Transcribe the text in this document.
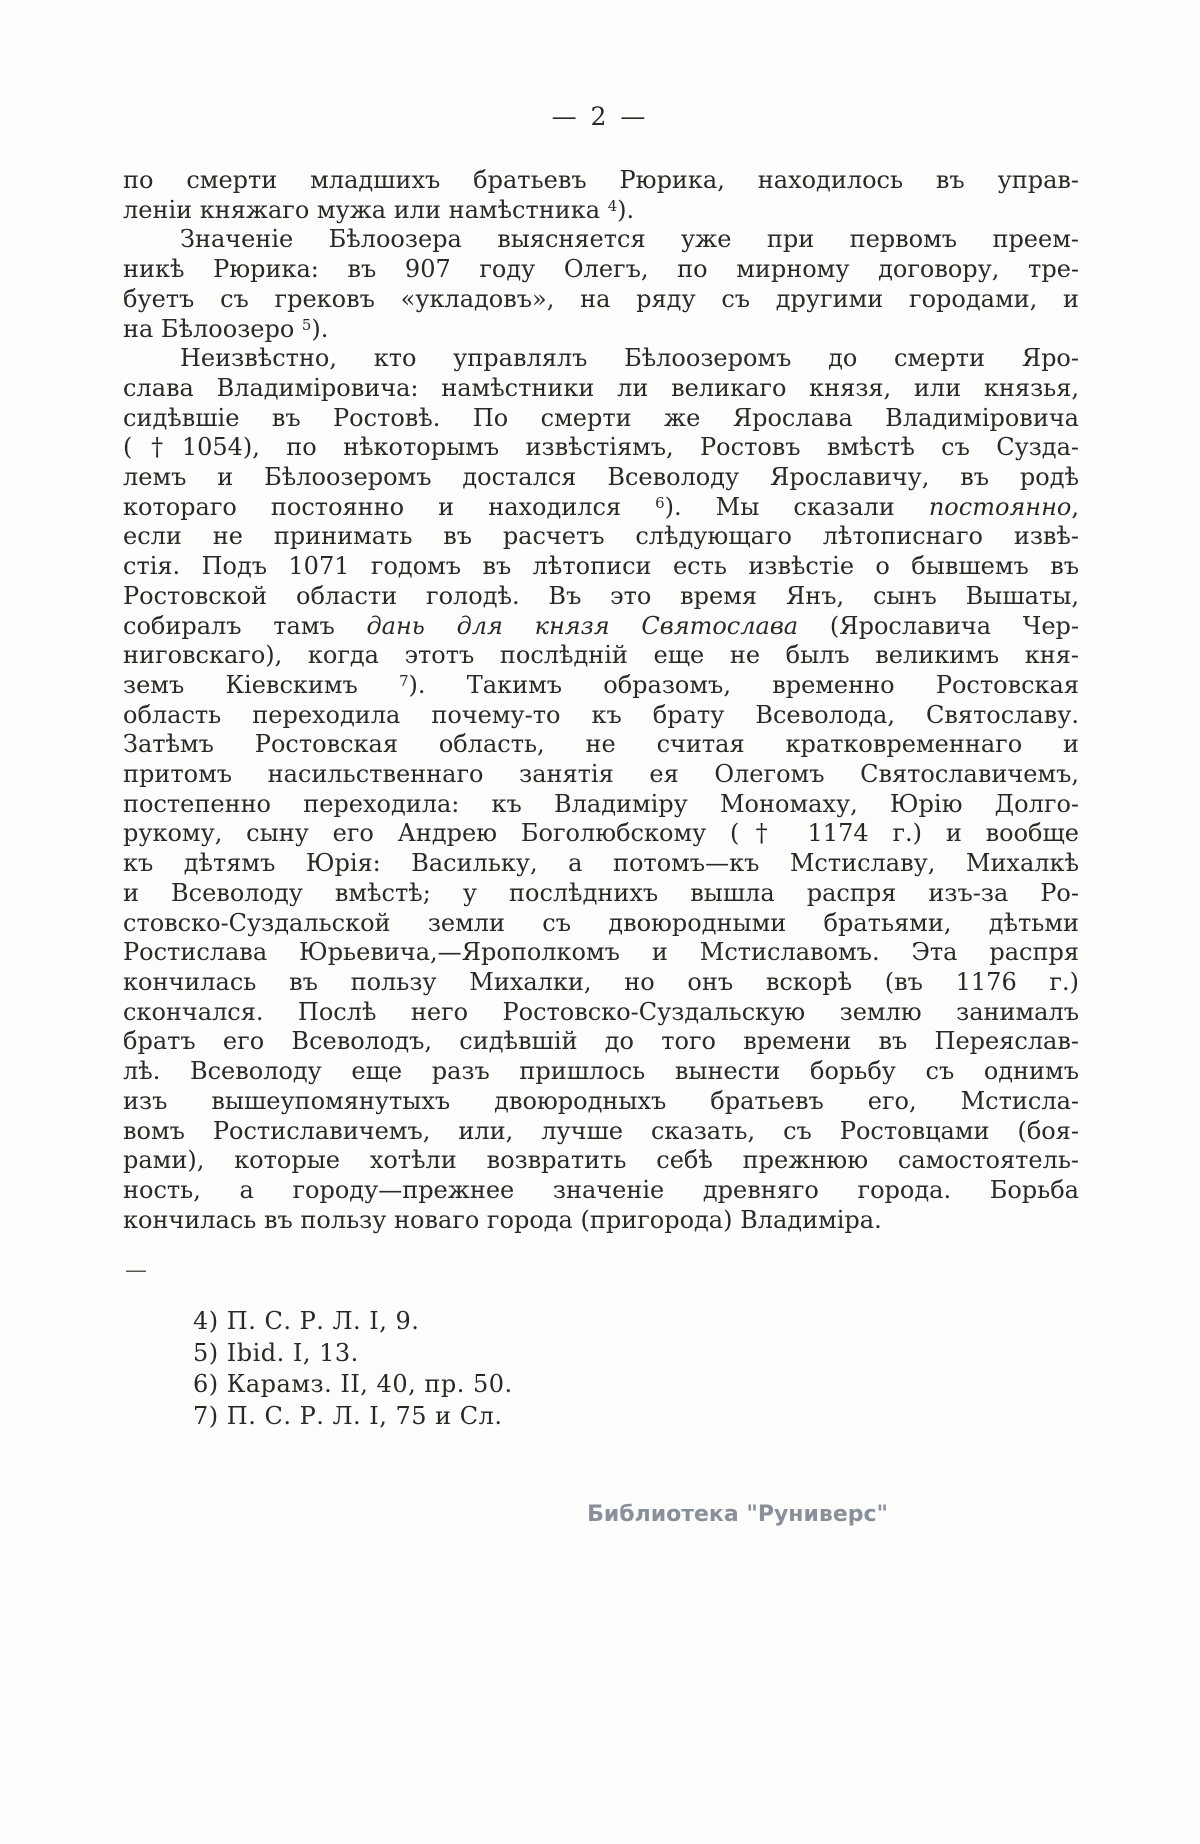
— 2 —
по смерти младшихъ братьевъ Рюрика, находилось въ управ-
леніи княжаго мужа или намѣстника $^4$).
Значеніе Бѣлоозера выясняется уже при первомъ преем-
никѣ Рюрика: въ 907 году Олегъ, по мирному договору, тре-
буетъ съ грековъ «укладовъ», на ряду съ другими городами, и
на Бѣлоозеро $^5$).
Неизвѣстно, кто управлялъ Бѣлоозеромъ до смерти Яро-
слава Владиміровича: намѣстники ли великаго князя, или князья,
сидѣвшіе въ Ростовѣ. По смерти же Ярослава Владиміровича
(†1054), по нѣкоторымъ извѣстіямъ, Ростовъ вмѣстѣ съ Сузда-
лемъ и Бѣлоозеромъ достался Всеволоду Ярославичу, въ родѣ
котораго постоянно и находился $^6$). Мы сказали постоянно,
если не принимать въ расчетъ слѣдующаго лѣтописнаго извѣ-
стія. Подъ 1071 годомъ въ лѣтописи есть извѣстіе о бывшемъ въ
Ростовской области голодѣ. Въ это время Янъ, сынъ Вышаты,
собиралъ тамъ дань для князя Святослава (Ярославича Чер-
ниговскаго), когда этотъ послѣдній еще не былъ великимъ кня-
земъ Кіевскимъ $^7$). Такимъ образомъ, временно Ростовская
область переходила почему-то къ брату Всеволода, Святославу.
Затѣмъ Ростовская область, не считая кратковременнаго и
притомъ насильственнаго занятія ея Олегомъ Святославичемъ,
постепенно переходила: къ Владиміру Мономаху, Юрію Долго-
рукому, сыну его Андрею Боголюбскому († 1174 г.) и вообще
къ дѣтямъ Юрія: Васильку, а потомъ—къ Мстиславу, Михалкѣ
и Всеволоду вмѣстѣ; у послѣднихъ вышла распря изъ-за Ро-
стовско-Суздальской земли съ двоюродными братьями, дѣтьми
Ростислава Юрьевича,—Ярополкомъ и Мстиславомъ. Эта распря
кончилась въ пользу Михалки, но онъ вскорѣ (въ 1176 г.)
скончался. Послѣ него Ростовско-Суздальскую землю занималъ
братъ его Всеволодъ, сидѣвшій до того времени въ Переяслав-
лѣ. Всеволоду еще разъ пришлось вынести борьбу съ однимъ
изъ вышеупомянутыхъ двоюродныхъ братьевъ его, Мстисла-
вомъ Ростиславичемъ, или, лучше сказать, съ Ростовцами (боя-
рами), которые хотѣли возвратить себѣ прежнюю самостоятель-
ность, а городу—прежнее значеніе древняго города. Борьба
кончилась въ пользу новаго города (пригорода) Владиміра.
—
4) П. С. Р. Л. I, 9.
5) Ibid. I, 13.
6) Карамз. II, 40, пр. 50.
7) П. С. Р. Л. I, 75 и Сл.
Библиотека "Руниверс"
